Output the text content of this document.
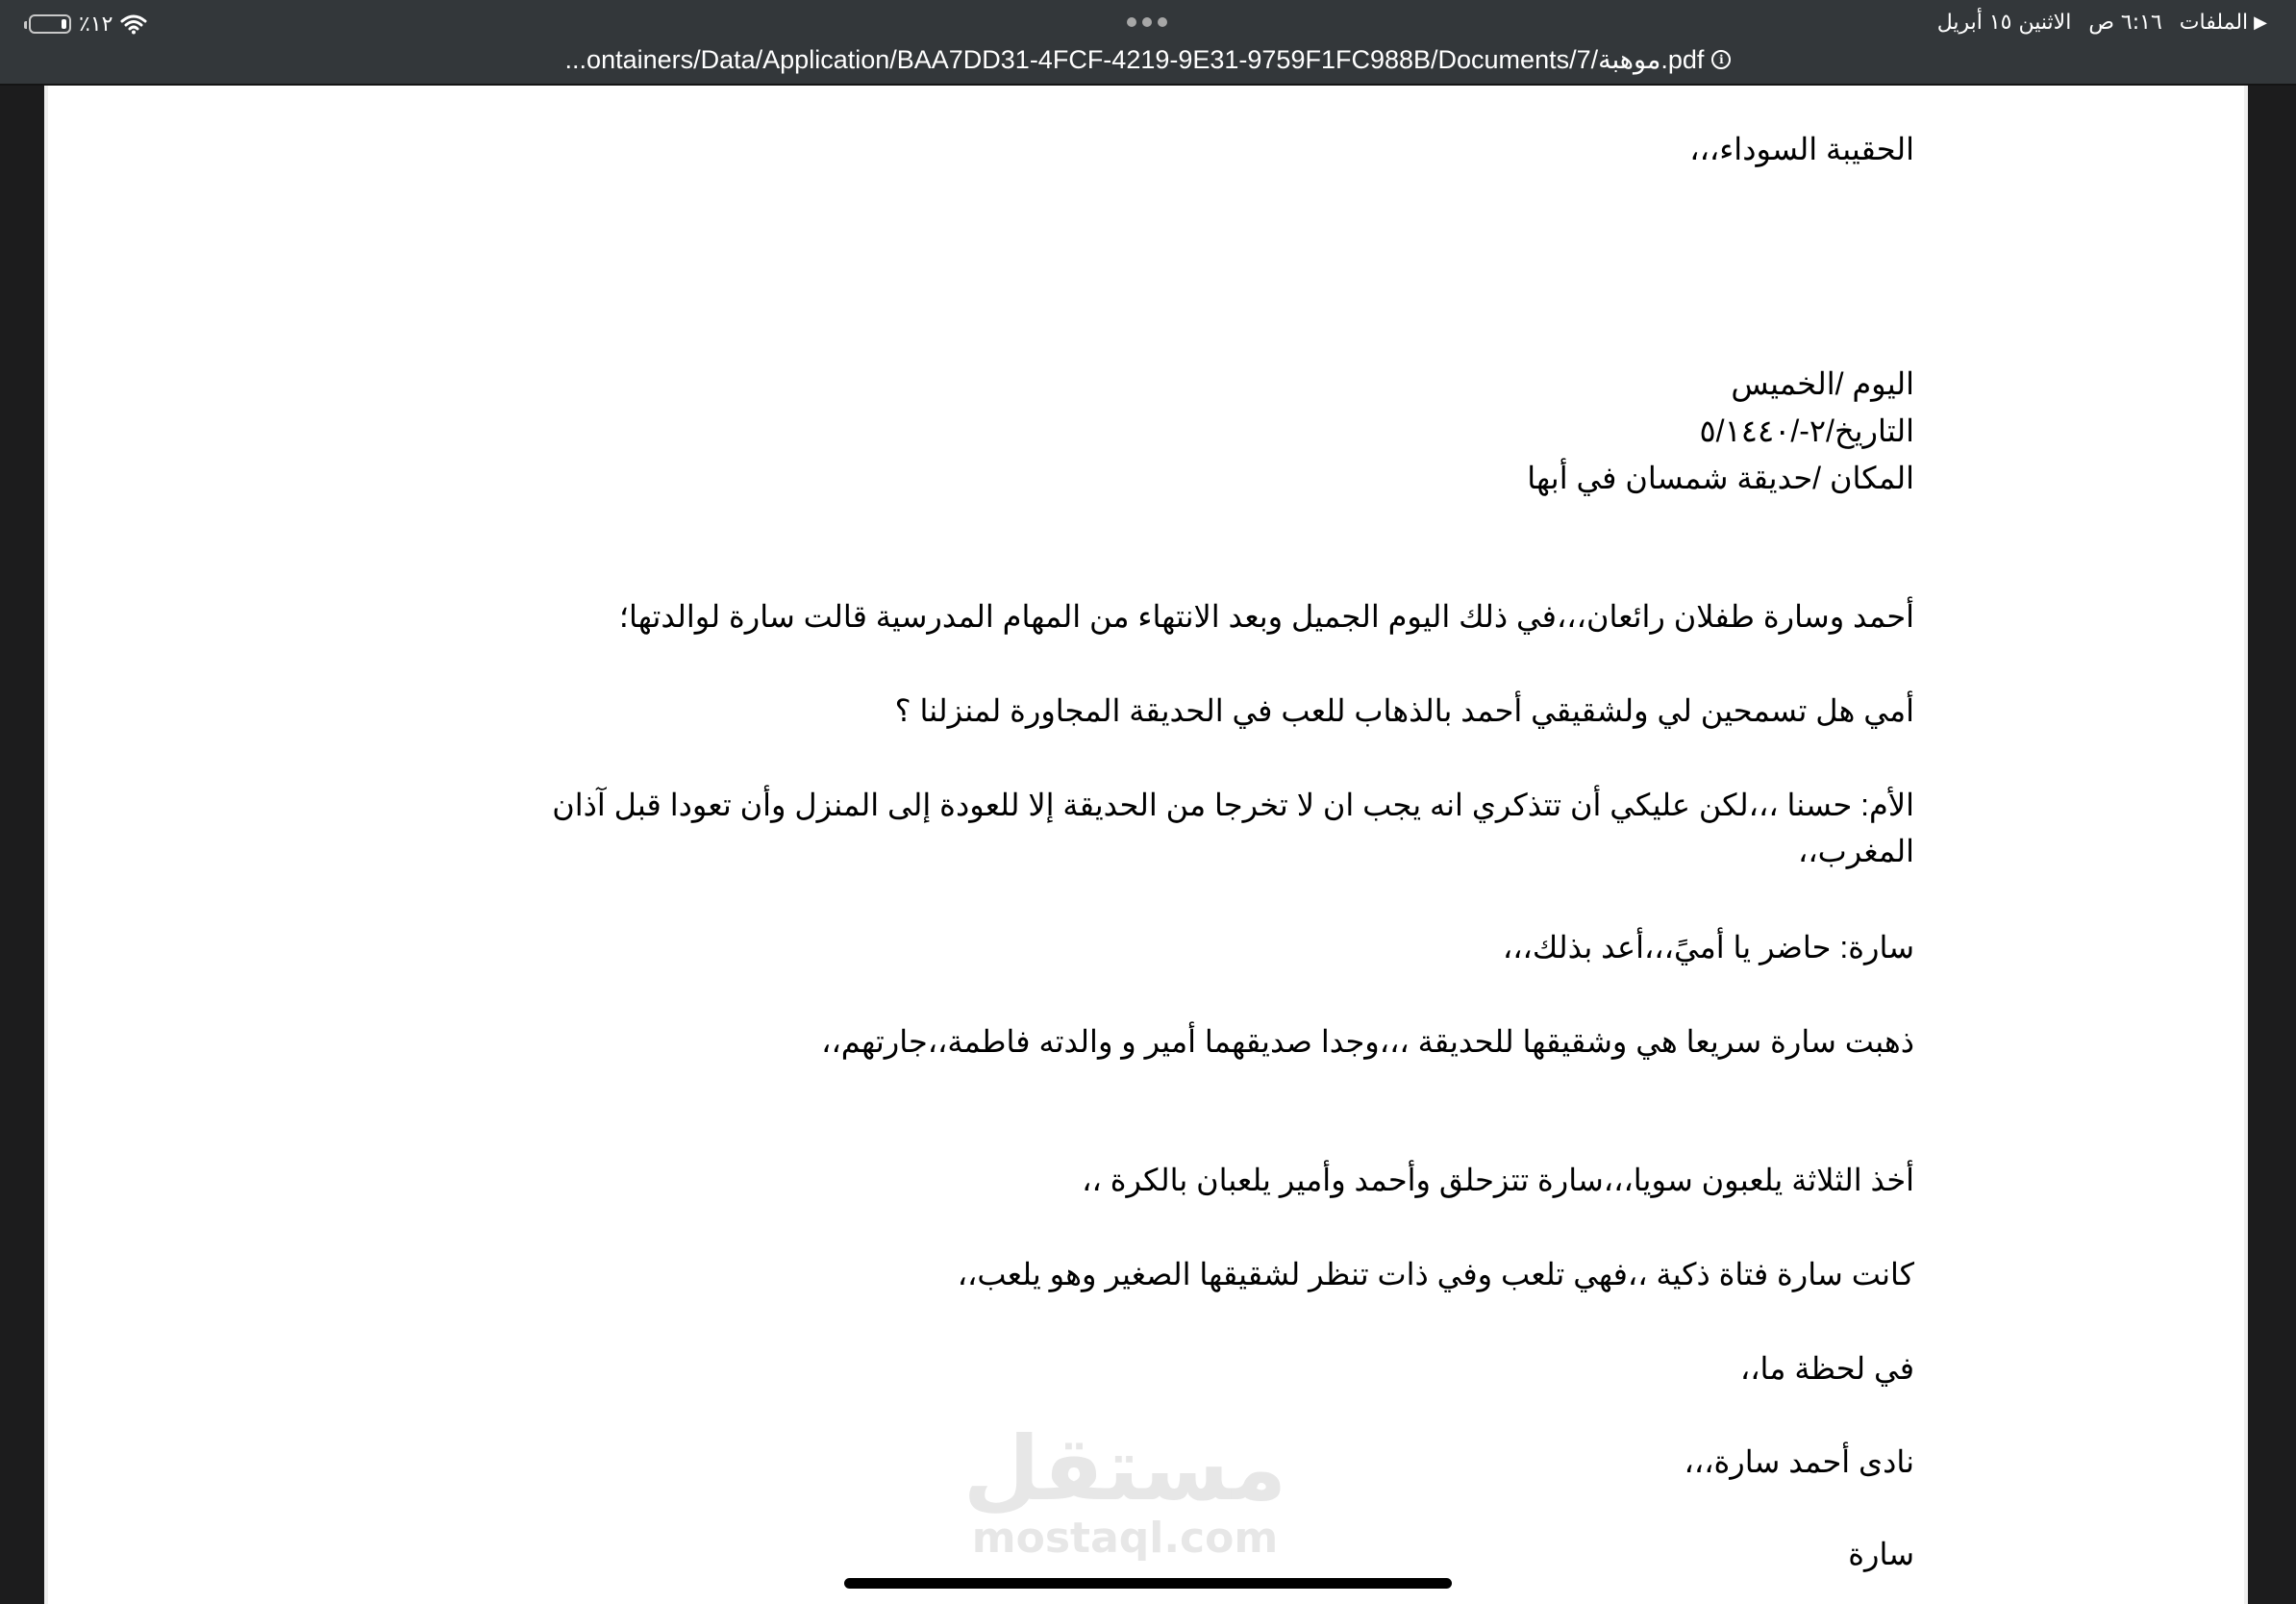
٪١٢	▶
الملفات
٦:١٦ ص
الاثنين ١٥ أبريل
...ontainers/Data/Application/BAA7DD31-4FCF-4219-9E31-9759F1FC988B/Documents/7/موهبة.pdf	i
الحقيبة السوداء،،،
اليوم /الخميس
التاريخ/٢-/٥/١٤٤٠
المكان /حديقة شمسان في أبها
أحمد وسارة طفلان رائعان،،،في ذلك اليوم الجميل وبعد الانتهاء من المهام المدرسية قالت سارة لوالدتها؛
أمي هل تسمحين لي ولشقيقي أحمد بالذهاب للعب في الحديقة المجاورة لمنزلنا ؟
الأم: حسنا ،،،لكن عليكي أن تتذكري انه يجب ان لا تخرجا من الحديقة إلا للعودة إلى المنزل وأن تعودا قبل آذان المغرب،،
سارة: حاضر يا أميً،،،أعد بذلك،،،
ذهبت سارة سريعا هي وشقيقها للحديقة ،،،وجدا صديقهما أمير و والدته فاطمة،،جارتهم،،
أخذ الثلاثة يلعبون سويا،،،سارة تتزحلق وأحمد وأمير يلعبان بالكرة ،،
كانت سارة فتاة ذكية ،،فهي تلعب وفي ذات تنظر لشقيقها الصغير وهو يلعب،،
في لحظة ما،،
نادى أحمد سارة،،،
سارة
مستقل
mostaql.com
